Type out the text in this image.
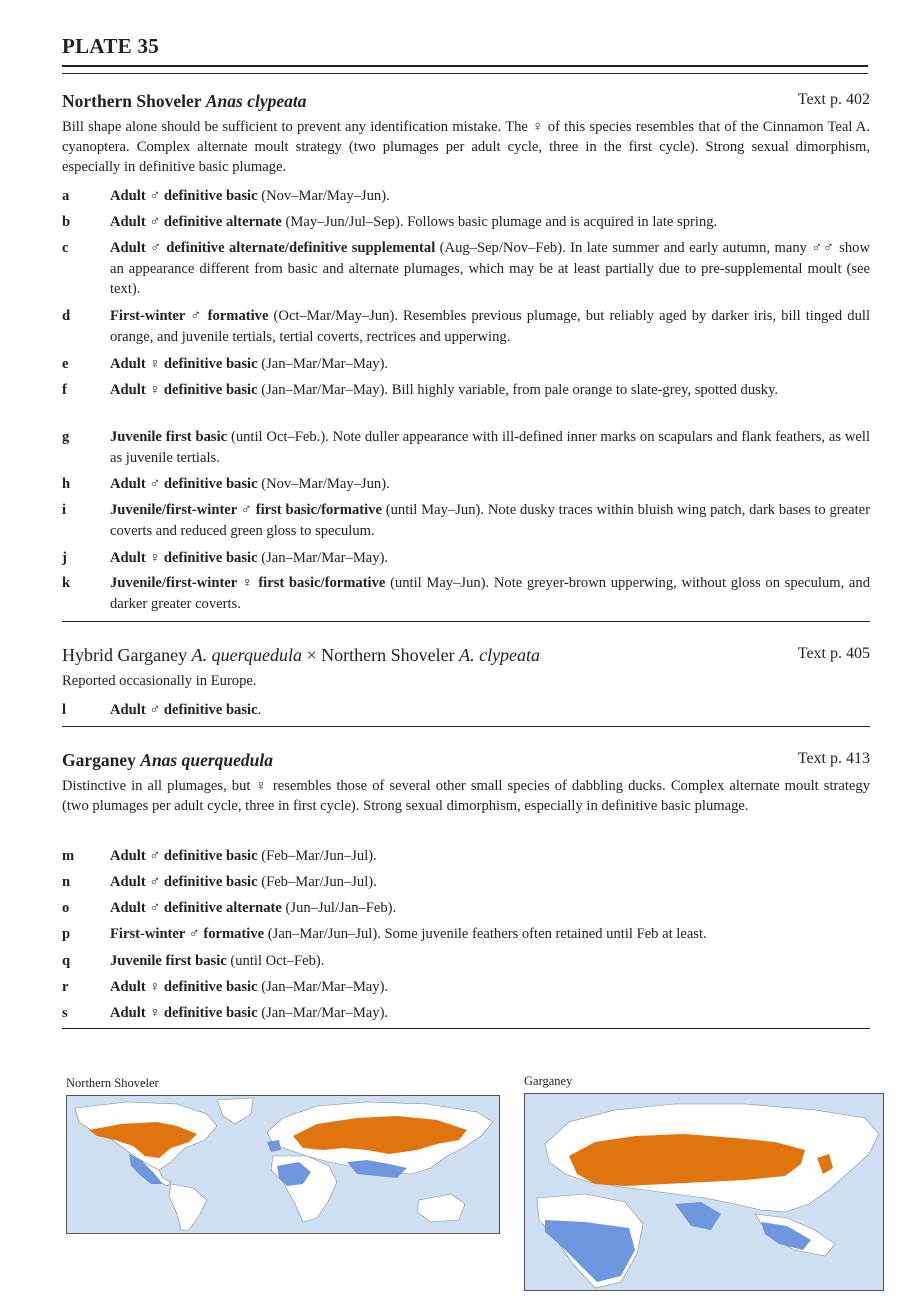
PLATE 35
Northern Shoveler Anas clypeata	Text p. 402

Bill shape alone should be sufficient to prevent any identification mistake. The ♀ of this species resembles that of the Cinnamon Teal A. cyanoptera. Complex alternate moult strategy (two plumages per adult cycle, three in the first cycle). Strong sexual dimorphism, especially in definitive basic plumage.

a	Adult ♂ definitive basic (Nov–Mar/May–Jun).
b	Adult ♂ definitive alternate (May–Jun/Jul–Sep). Follows basic plumage and is acquired in late spring.
c	Adult ♂ definitive alternate/definitive supplemental (Aug–Sep/Nov–Feb). In late summer and early autumn, many ♂♂ show an appearance different from basic and alternate plumages, which may be at least partially due to pre-supplemental moult (see text).
d	First-winter ♂ formative (Oct–Mar/May–Jun). Resembles previous plumage, but reliably aged by darker iris, bill tinged dull orange, and juvenile tertials, tertial coverts, rectrices and upperwing.
e	Adult ♀ definitive basic (Jan–Mar/Mar–May).
f	Adult ♀ definitive basic (Jan–Mar/Mar–May). Bill highly variable, from pale orange to slate-grey, spotted dusky.
g	Juvenile first basic (until Oct–Feb.). Note duller appearance with ill-defined inner marks on scapulars and flank feathers, as well as juvenile tertials.
h	Adult ♂ definitive basic (Nov–Mar/May–Jun).
i	Juvenile/first-winter ♂ first basic/formative (until May–Jun). Note dusky traces within bluish wing patch, dark bases to greater coverts and reduced green gloss to speculum.
j	Adult ♀ definitive basic (Jan–Mar/Mar–May).
k	Juvenile/first-winter ♀ first basic/formative (until May–Jun). Note greyer-brown upperwing, without gloss on speculum, and darker greater coverts.
Hybrid Garganey A. querquedula × Northern Shoveler A. clypeata	Text p. 405

Reported occasionally in Europe.

l	Adult ♂ definitive basic.
Garganey Anas querquedula	Text p. 413

Distinctive in all plumages, but ♀ resembles those of several other small species of dabbling ducks. Complex alternate moult strategy (two plumages per adult cycle, three in first cycle). Strong sexual dimorphism, especially in definitive basic plumage.

m Adult ♂ definitive basic (Feb–Mar/Jun–Jul).
n	Adult ♂ definitive basic (Feb–Mar/Jun–Jul).
o	Adult ♂ definitive alternate (Jun–Jul/Jan–Feb).
p	First-winter ♂ formative (Jan–Mar/Jun–Jul). Some juvenile feathers often retained until Feb at least.
q	Juvenile first basic (until Oct–Feb).
r	Adult ♀ definitive basic (Jan–Mar/Mar–May).
s	Adult ♀ definitive basic (Jan–Mar/Mar–May).
Northern Shoveler	Garganey
